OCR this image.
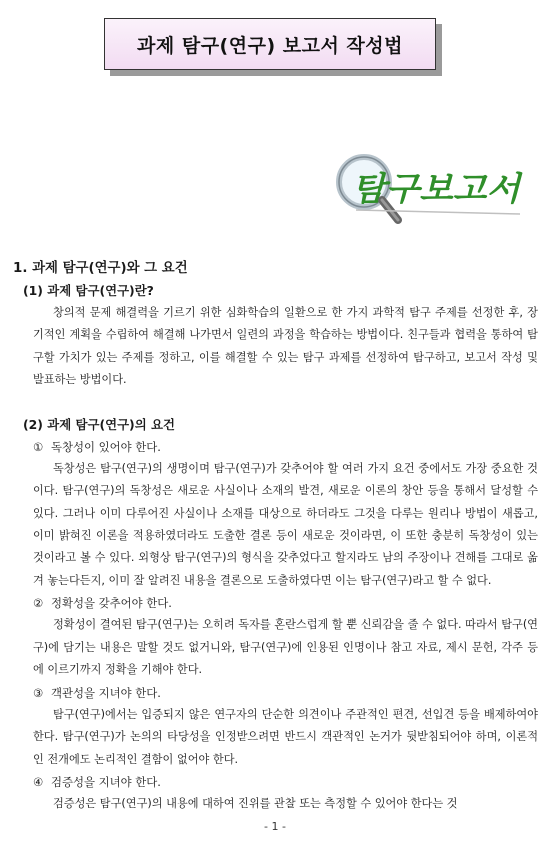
과제 탐구(연구) 보고서 작성법
탐구보고서

1. 과제 탐구(연구)와 그 요건

(1) 과제 탐구(연구)란?

창의적 문제 해결력을 기르기 위한 심화학습의 일환으로 한 가지 과학적 탐구 주제를 선정한 후, 장기적인 계획을 수립하여 해결해 나가면서 일련의 과정을 학습하는 방법이다. 친구들과 협력을 통하여 탐구할 가치가 있는 주제를 정하고, 이를 해결할 수 있는 탐구 과제를 선정하여 탐구하고, 보고서 작성 및 발표하는 방법이다.

(2) 과제 탐구(연구)의 요건

① 독창성이 있어야 한다.

독창성은 탐구(연구)의 생명이며 탐구(연구)가 갖추어야 할 여러 가지 요건 중에서도 가장 중요한 것이다. 탐구(연구)의 독창성은 새로운 사실이나 소재의 발견, 새로운 이론의 창안 등을 통해서 달성할 수 있다. 그러나 이미 다루어진 사실이나 소재를 대상으로 하더라도 그것을 다루는 원리나 방법이 새롭고, 이미 밝혀진 이론을 적용하였더라도 도출한 결론 등이 새로운 것이라면, 이 또한 충분히 독창성이 있는 것이라고 볼 수 있다. 외형상 탐구(연구)의 형식을 갖추었다고 할지라도 남의 주장이나 견해를 그대로 옮겨 놓는다든지, 이미 잘 알려진 내용을 결론으로 도출하였다면 이는 탐구(연구)라고 할 수 없다.

② 정확성을 갖추어야 한다.

정확성이 결여된 탐구(연구)는 오히려 독자를 혼란스럽게 할 뿐 신뢰감을 줄 수 없다. 따라서 탐구(연구)에 담기는 내용은 말할 것도 없거니와, 탐구(연구)에 인용된 인명이나 참고 자료, 제시 문헌, 각주 등에 이르기까지 정확을 기해야 한다.

③ 객관성을 지녀야 한다.

탐구(연구)에서는 입증되지 않은 연구자의 단순한 의견이나 주관적인 편견, 선입견 등을 배제하여야 한다. 탐구(연구)가 논의의 타당성을 인정받으려면 반드시 객관적인 논거가 뒷받침되어야 하며, 이론적인 전개에도 논리적인 결함이 없어야 한다.

④ 검증성을 지녀야 한다.

검증성은 탐구(연구)의 내용에 대하여 진위를 관찰 또는 측정할 수 있어야 한다는 것

- 1 -
